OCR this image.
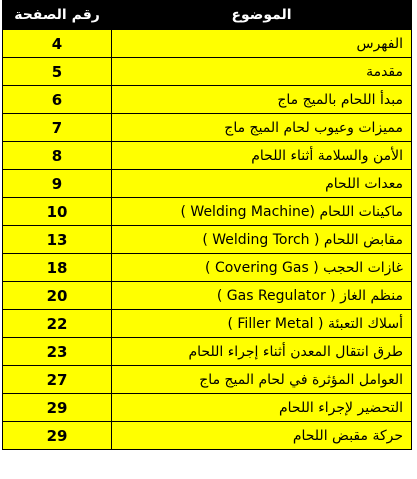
الموضوع	رقم الصفحة
الفهرس	4
مقدمة	5
مبدأ اللحام بالميج ماج	6
مميزات وعيوب لحام الميج ماج	7
الأمن والسلامة أثناء اللحام	8
معدات اللحام	9
ماكينات اللحام (Welding Machine )	10
مقابض اللحام ( Welding Torch )	13
غازات الحجب ( Covering Gas )	18
منظم الغاز ( Gas Regulator )	20
أسلاك التعبئة ( Filler Metal )	22
طرق انتقال المعدن أثناء إجراء اللحام	23
العوامل المؤثرة في لحام الميج ماج	27
التحضير لإجراء اللحام	29
حركة مقبض اللحام	29
